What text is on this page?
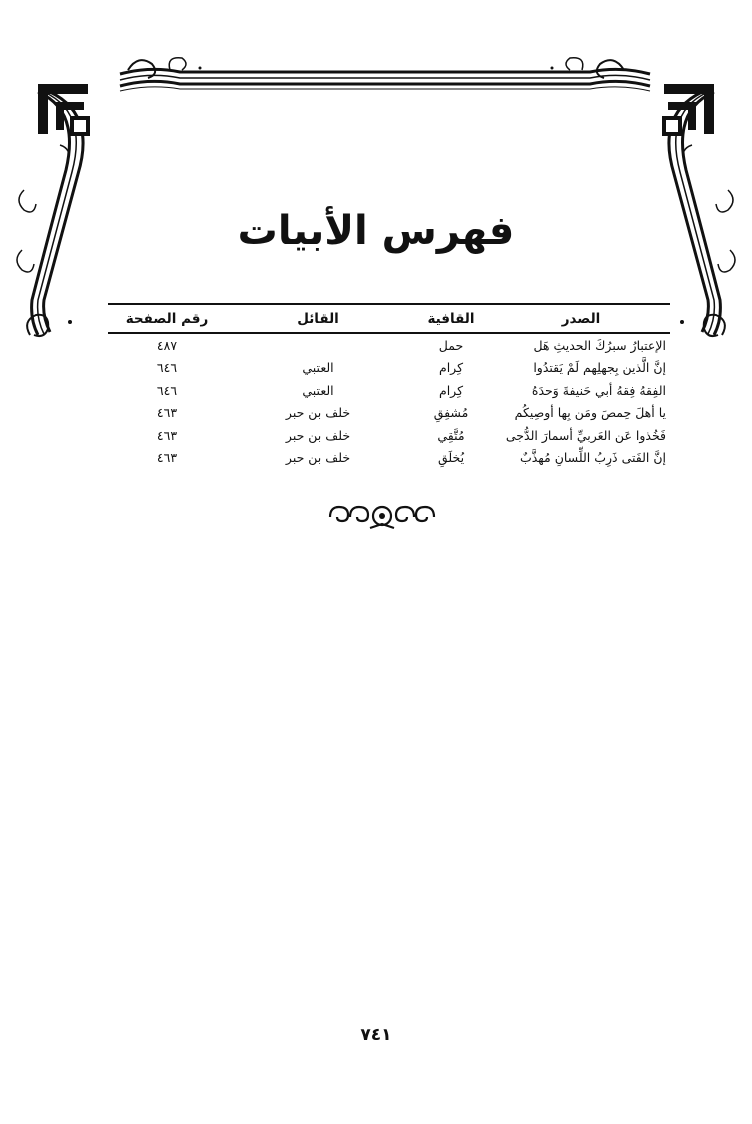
فهرس الأبيات
الصدر	القافية	القائل	رقم الصفحة
الإعتبارُ سبرُكَ الحديثِ هَل	حمل		٤٨٧
إنَّ الَّذين بِجهلِهم لَمْ يَقتدُوا	كِرام	العتبي	٦٤٦
الفِقهُ فِقهُ أبي حَنيفةَ وَحدَهُ	كِرام	العتبي	٦٤٦
يا أهلَ حِمصَ ومَن بِها أوصِيكُم	مُشفِقِ	خلف بن حبر	٤٦٣
فَخُذوا عَن العَربيِّ أسمارَ الدُّجى	مُتَّقِي	خلف بن حبر	٤٦٣
إنَّ الفَتى ذَرِبُ اللِّسانِ مُهذَّبٌ	يُخلَقِ	خلف بن حبر	٤٦٣
٧٤١
